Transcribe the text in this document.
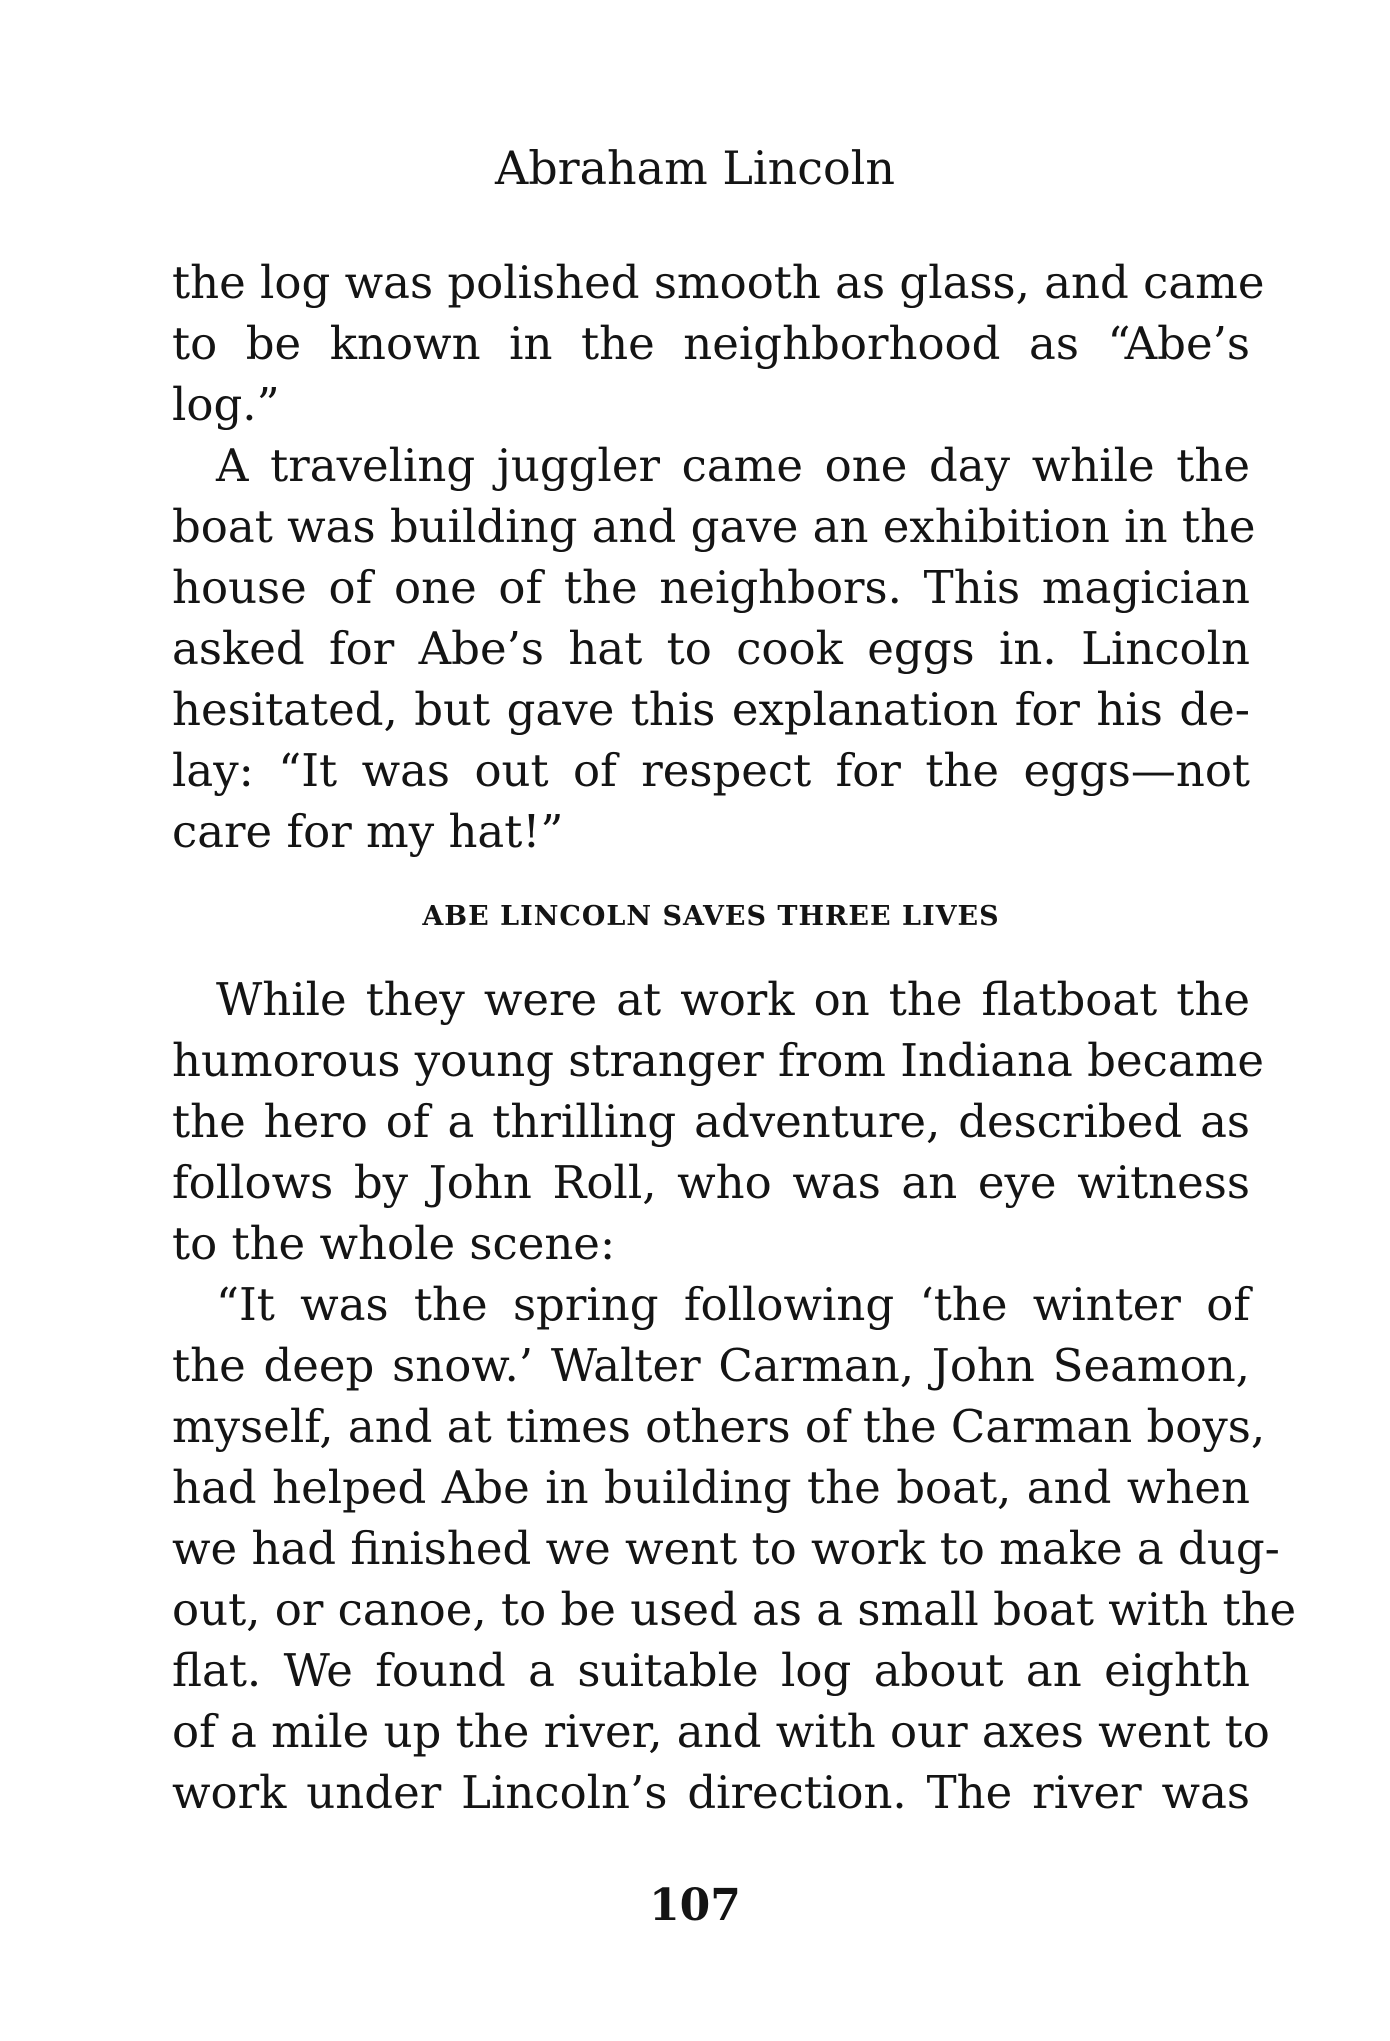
Abraham Lincoln
the log was polished smooth as glass, and came
to be known in the neighborhood as “Abe’s
log.”
A traveling juggler came one day while the
boat was building and gave an exhibition in the
house of one of the neighbors. This magician
asked for Abe’s hat to cook eggs in. Lincoln
hesitated, but gave this explanation for his de-
lay: “It was out of respect for the eggs—not
care for my hat!”
ABE LINCOLN SAVES THREE LIVES
While they were at work on the flatboat the
humorous young stranger from Indiana became
the hero of a thrilling adventure, described as
follows by John Roll, who was an eye witness
to the whole scene:
“It was the spring following ‘the winter of
the deep snow.’ Walter Carman, John Seamon,
myself, and at times others of the Carman boys,
had helped Abe in building the boat, and when
we had finished we went to work to make a dug-
out, or canoe, to be used as a small boat with the
flat. We found a suitable log about an eighth
of a mile up the river, and with our axes went to
work under Lincoln’s direction. The river was
107
